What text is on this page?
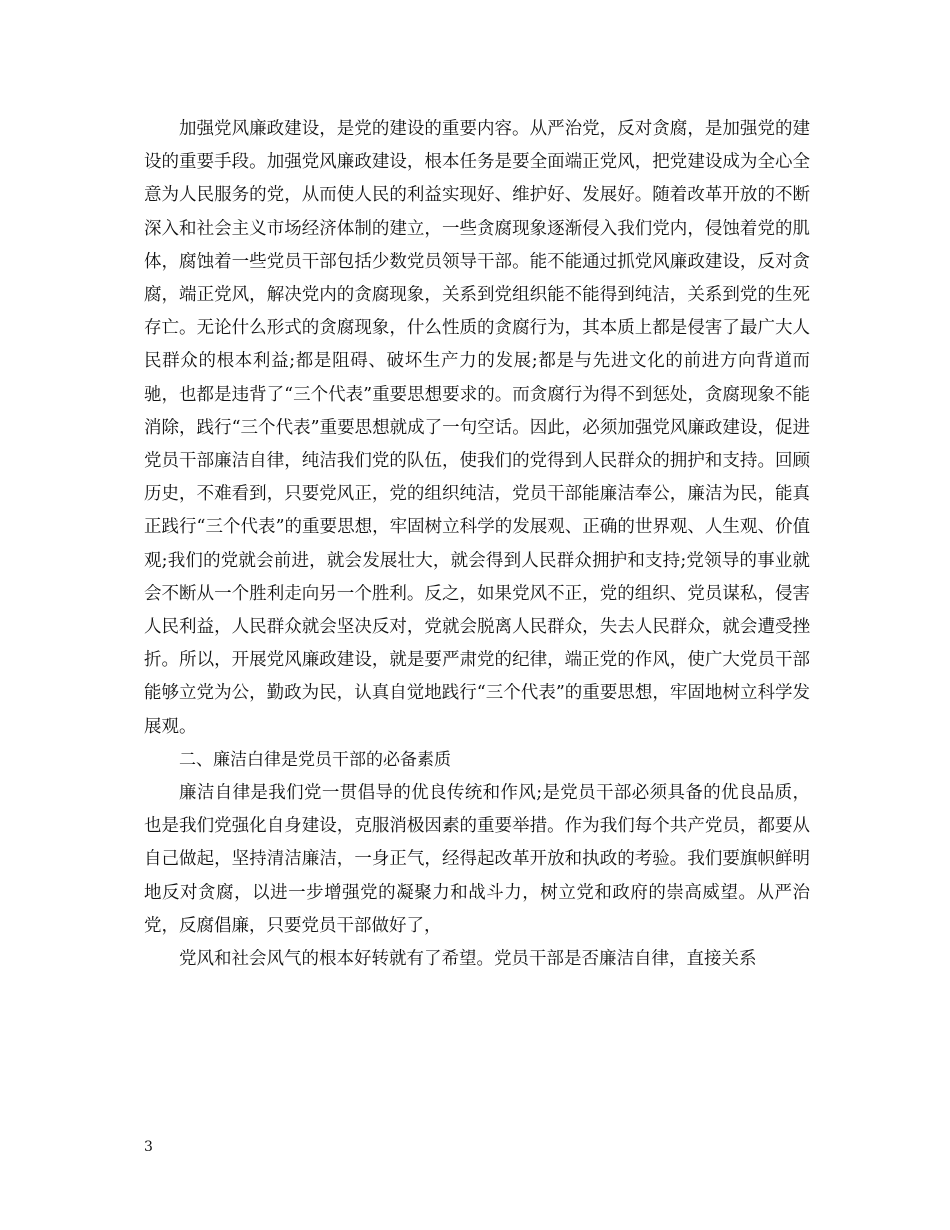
加强党风廉政建设，是党的建设的重要内容。从严治党，反对贪腐，是加强党的建设的重要手段。加强党风廉政建设，根本任务是要全面端正党风，把党建设成为全心全意为人民服务的党，从而使人民的利益实现好、维护好、发展好。随着改革开放的不断深入和社会主义市场经济体制的建立，一些贪腐现象逐渐侵入我们党内，侵蚀着党的肌体，腐蚀着一些党员干部包括少数党员领导干部。能不能通过抓党风廉政建设，反对贪腐，端正党风，解决党内的贪腐现象，关系到党组织能不能得到纯洁，关系到党的生死存亡。无论什么形式的贪腐现象，什么性质的贪腐行为，其本质上都是侵害了最广大人民群众的根本利益;都是阻碍、破坏生产力的发展;都是与先进文化的前进方向背道而驰，也都是违背了“三个代表”重要思想要求的。而贪腐行为得不到惩处，贪腐现象不能消除，践行“三个代表”重要思想就成了一句空话。因此，必须加强党风廉政建设，促进党员干部廉洁自律，纯洁我们党的队伍，使我们的党得到人民群众的拥护和支持。回顾历史，不难看到，只要党风正，党的组织纯洁，党员干部能廉洁奉公，廉洁为民，能真正践行“三个代表”的重要思想，牢固树立科学的发展观、正确的世界观、人生观、价值观;我们的党就会前进，就会发展壮大，就会得到人民群众拥护和支持;党领导的事业就会不断从一个胜利走向另一个胜利。反之，如果党风不正，党的组织、党员谋私，侵害人民利益，人民群众就会坚决反对，党就会脱离人民群众，失去人民群众，就会遭受挫折。所以，开展党风廉政建设，就是要严肃党的纪律，端正党的作风，使广大党员干部能够立党为公，勤政为民，认真自觉地践行“三个代表”的重要思想，牢固地树立科学发展观。

二、廉洁白律是党员干部的必备素质

廉洁自律是我们党一贯倡导的优良传统和作风;是党员干部必须具备的优良品质，也是我们党强化自身建设，克服消极因素的重要举措。作为我们每个共产党员，都要从自己做起，坚持清洁廉洁，一身正气，经得起改革开放和执政的考验。我们要旗帜鲜明地反对贪腐，以进一步增强党的凝聚力和战斗力，树立党和政府的崇高威望。从严治党，反腐倡廉，只要党员干部做好了，

党风和社会风气的根本好转就有了希望。党员干部是否廉洁自律，直接关系

3
